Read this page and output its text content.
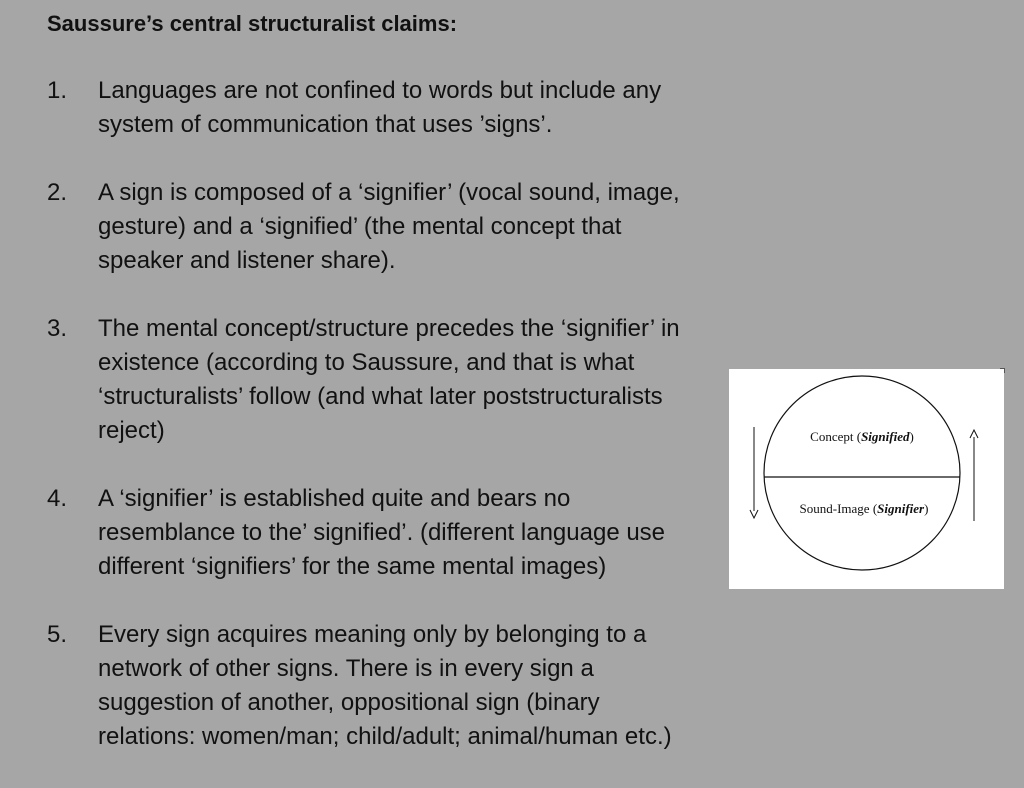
Saussure’s central structuralist claims:
1.	Languages are not confined to words but include any
system of communication that uses ’signs’.
2.	A sign is composed of a ‘signifier’ (vocal sound, image,
gesture) and a ‘signified’ (the mental concept that
speaker and listener share).
3.	The mental concept/structure precedes the ‘signifier’ in
existence (according to Saussure, and that is what
‘structuralists’ follow (and what later poststructuralists
reject)
4.	A ‘signifier’ is established quite and bears no
resemblance to the’ signified’. (different language use
different ‘signifiers’ for the same mental images)
5.	Every sign acquires meaning only by belonging to a
network of other signs. There is in every sign a
suggestion of another, oppositional sign (binary
relations: women/man; child/adult; animal/human etc.)
Concept (Signified)
Sound-Image (Signifier)
